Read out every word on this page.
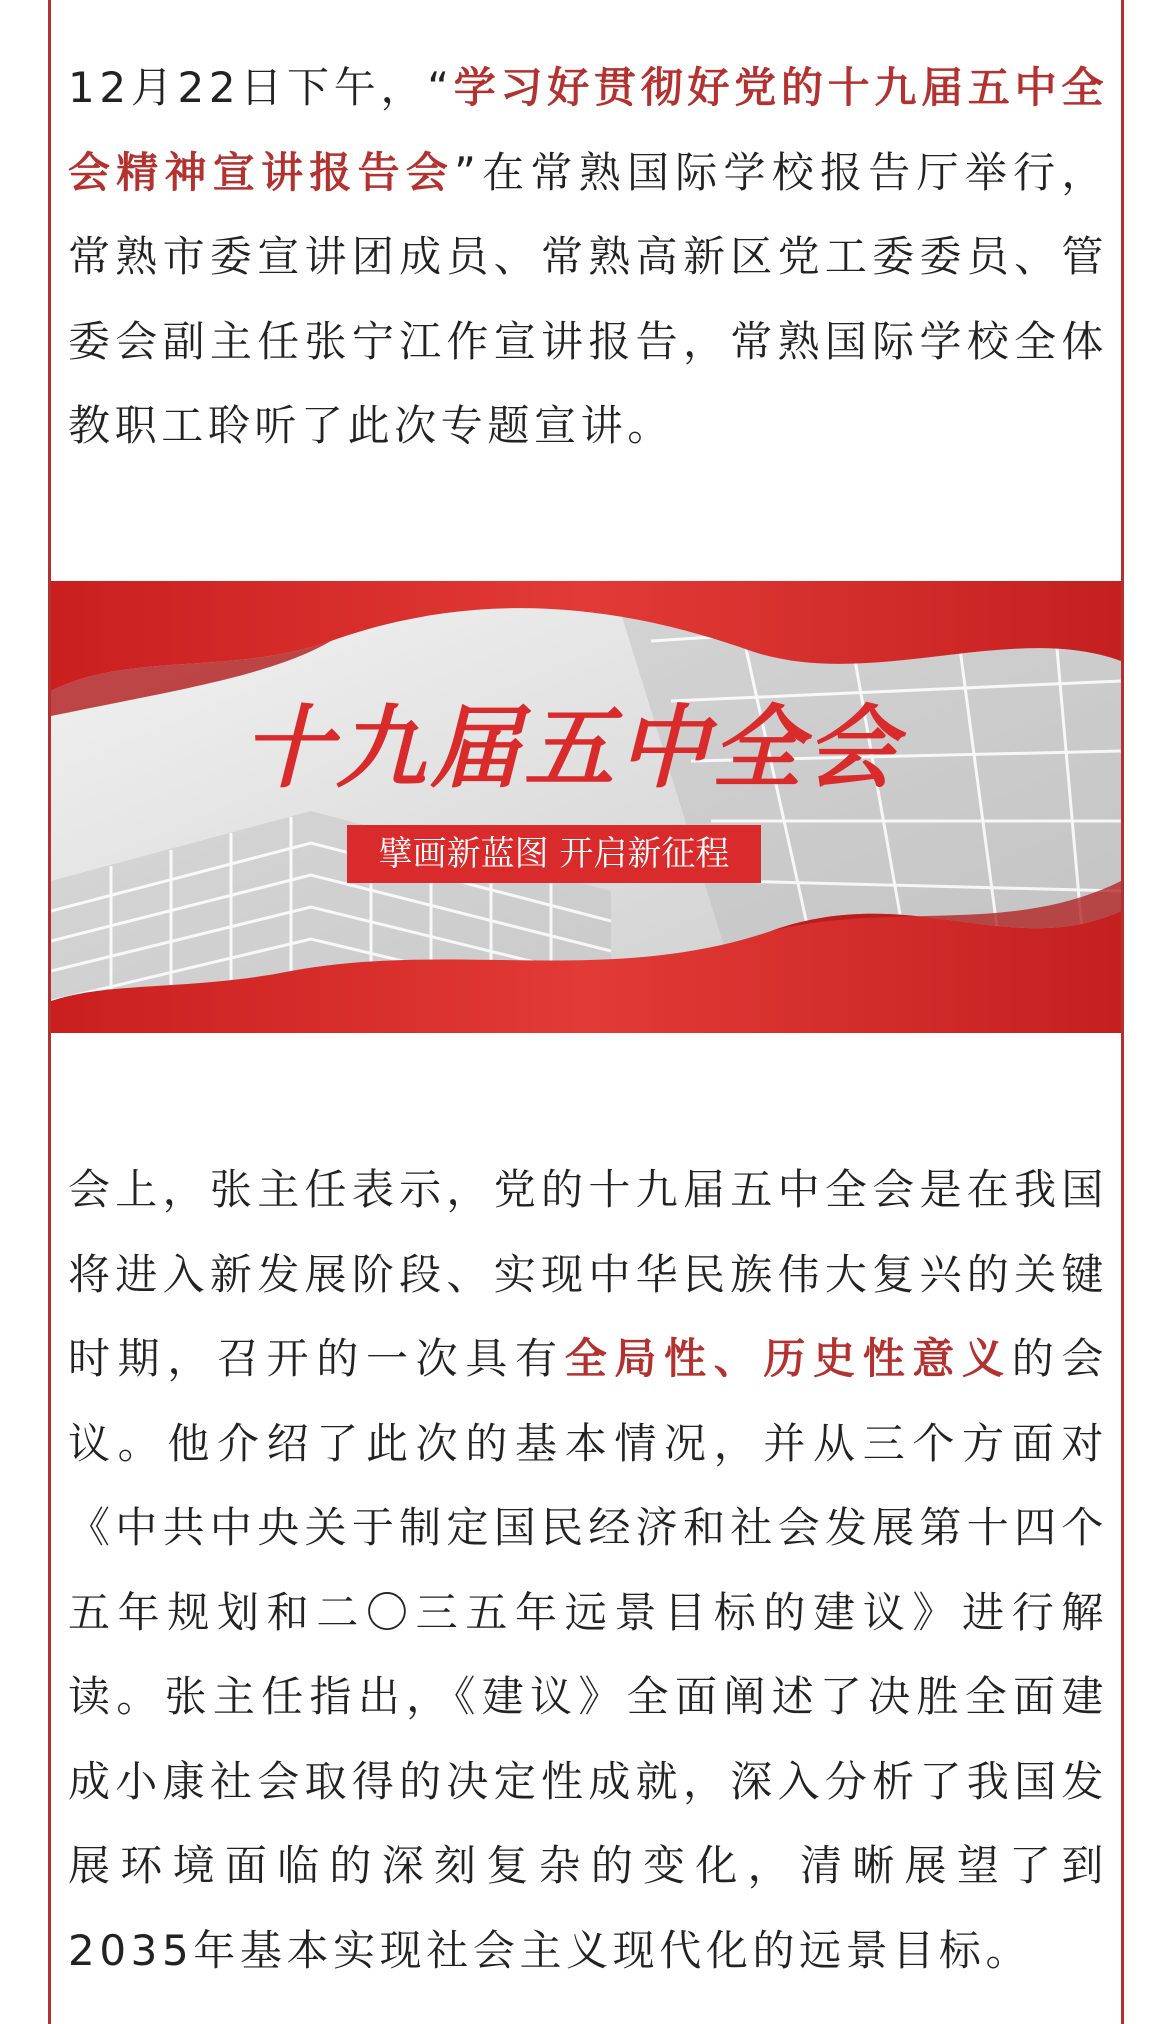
12月22日下午，“学习好贯彻好党的十九届五中全会精神宣讲报告会”在常熟国际学校报告厅举行，常熟市委宣讲团成员、常熟高新区党工委委员、管委会副主任张宁江作宣讲报告，常熟国际学校全体教职工聆听了此次专题宣讲。

十九届五中全会
擘画新蓝图 开启新征程

会上，张主任表示，党的十九届五中全会是在我国将进入新发展阶段、实现中华民族伟大复兴的关键时期，召开的一次具有全局性、历史性意义的会议。他介绍了此次的基本情况，并从三个方面对《中共中央关于制定国民经济和社会发展第十四个五年规划和二〇三五年远景目标的建议》进行解读。张主任指出，《建议》全面阐述了决胜全面建成小康社会取得的决定性成就，深入分析了我国发展环境面临的深刻复杂的变化，清晰展望了到2035年基本实现社会主义现代化的远景目标。
